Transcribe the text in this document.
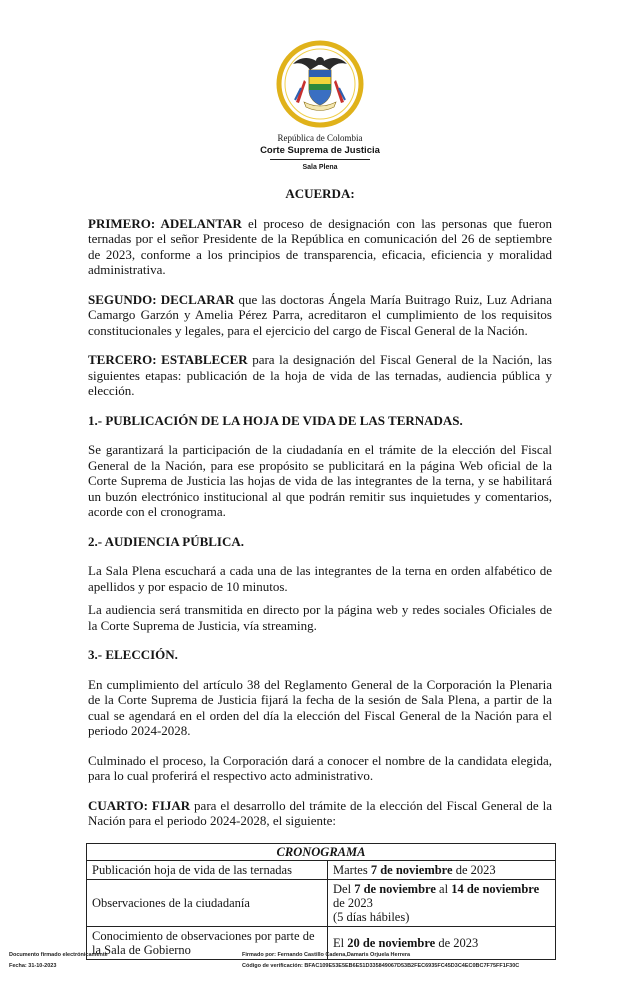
República de Colombia
Corte Suprema de Justicia
Sala Plena
ACUERDA:

PRIMERO: ADELANTAR el proceso de designación con las personas que fueron ternadas por el señor Presidente de la República en comunicación del 26 de septiembre de 2023, conforme a los principios de transparencia, eficacia, eficiencia y moralidad administrativa.

SEGUNDO: DECLARAR que las doctoras Ángela María Buitrago Ruiz, Luz Adriana Camargo Garzón y Amelia Pérez Parra, acreditaron el cumplimiento de los requisitos constitucionales y legales, para el ejercicio del cargo de Fiscal General de la Nación.

TERCERO: ESTABLECER para la designación del Fiscal General de la Nación, las siguientes etapas: publicación de la hoja de vida de las ternadas, audiencia pública y elección.

1.- PUBLICACIÓN DE LA HOJA DE VIDA DE LAS TERNADAS.

Se garantizará la participación de la ciudadanía en el trámite de la elección del Fiscal General de la Nación, para ese propósito se publicitará en la página Web oficial de la Corte Suprema de Justicia las hojas de vida de las integrantes de la terna, y se habilitará un buzón electrónico institucional al que podrán remitir sus inquietudes y comentarios, acorde con el cronograma.

2.- AUDIENCIA PÚBLICA.

La Sala Plena escuchará a cada una de las integrantes de la terna en orden alfabético de apellidos y por espacio de 10 minutos.

La audiencia será transmitida en directo por la página web y redes sociales Oficiales de la Corte Suprema de Justicia, vía streaming.

3.- ELECCIÓN.

En cumplimiento del artículo 38 del Reglamento General de la Corporación la Plenaria de la Corte Suprema de Justicia fijará la fecha de la sesión de Sala Plena, a partir de la cual se agendará en el orden del día la elección del Fiscal General de la Nación para el periodo 2024-2028.

Culminado el proceso, la Corporación dará a conocer el nombre de la candidata elegida, para lo cual proferirá el respectivo acto administrativo.

CUARTO: FIJAR para el desarrollo del trámite de la elección del Fiscal General de la Nación para el periodo 2024-2028, el siguiente:

CRONOGRAMA	
Publicación hoja de vida de las ternadas	Martes 7 de noviembre de 2023
Observaciones de la ciudadanía	Del 7 de noviembre al 14 de noviembre de 2023
(5 días hábiles)
Conocimiento de observaciones por parte de la Sala de Gobierno	El 20 de noviembre de 2023
Documento firmado electrónicamente
Fecha: 31-10-2023
Firmado por: Fernando Castillo Cadena,Damaris Orjuela Herrera
Código de verificación: BFAC109E53E5EB6E51D335849067D53B2FEC6935FC45D3C4EC0BC7F75FF1F30C
